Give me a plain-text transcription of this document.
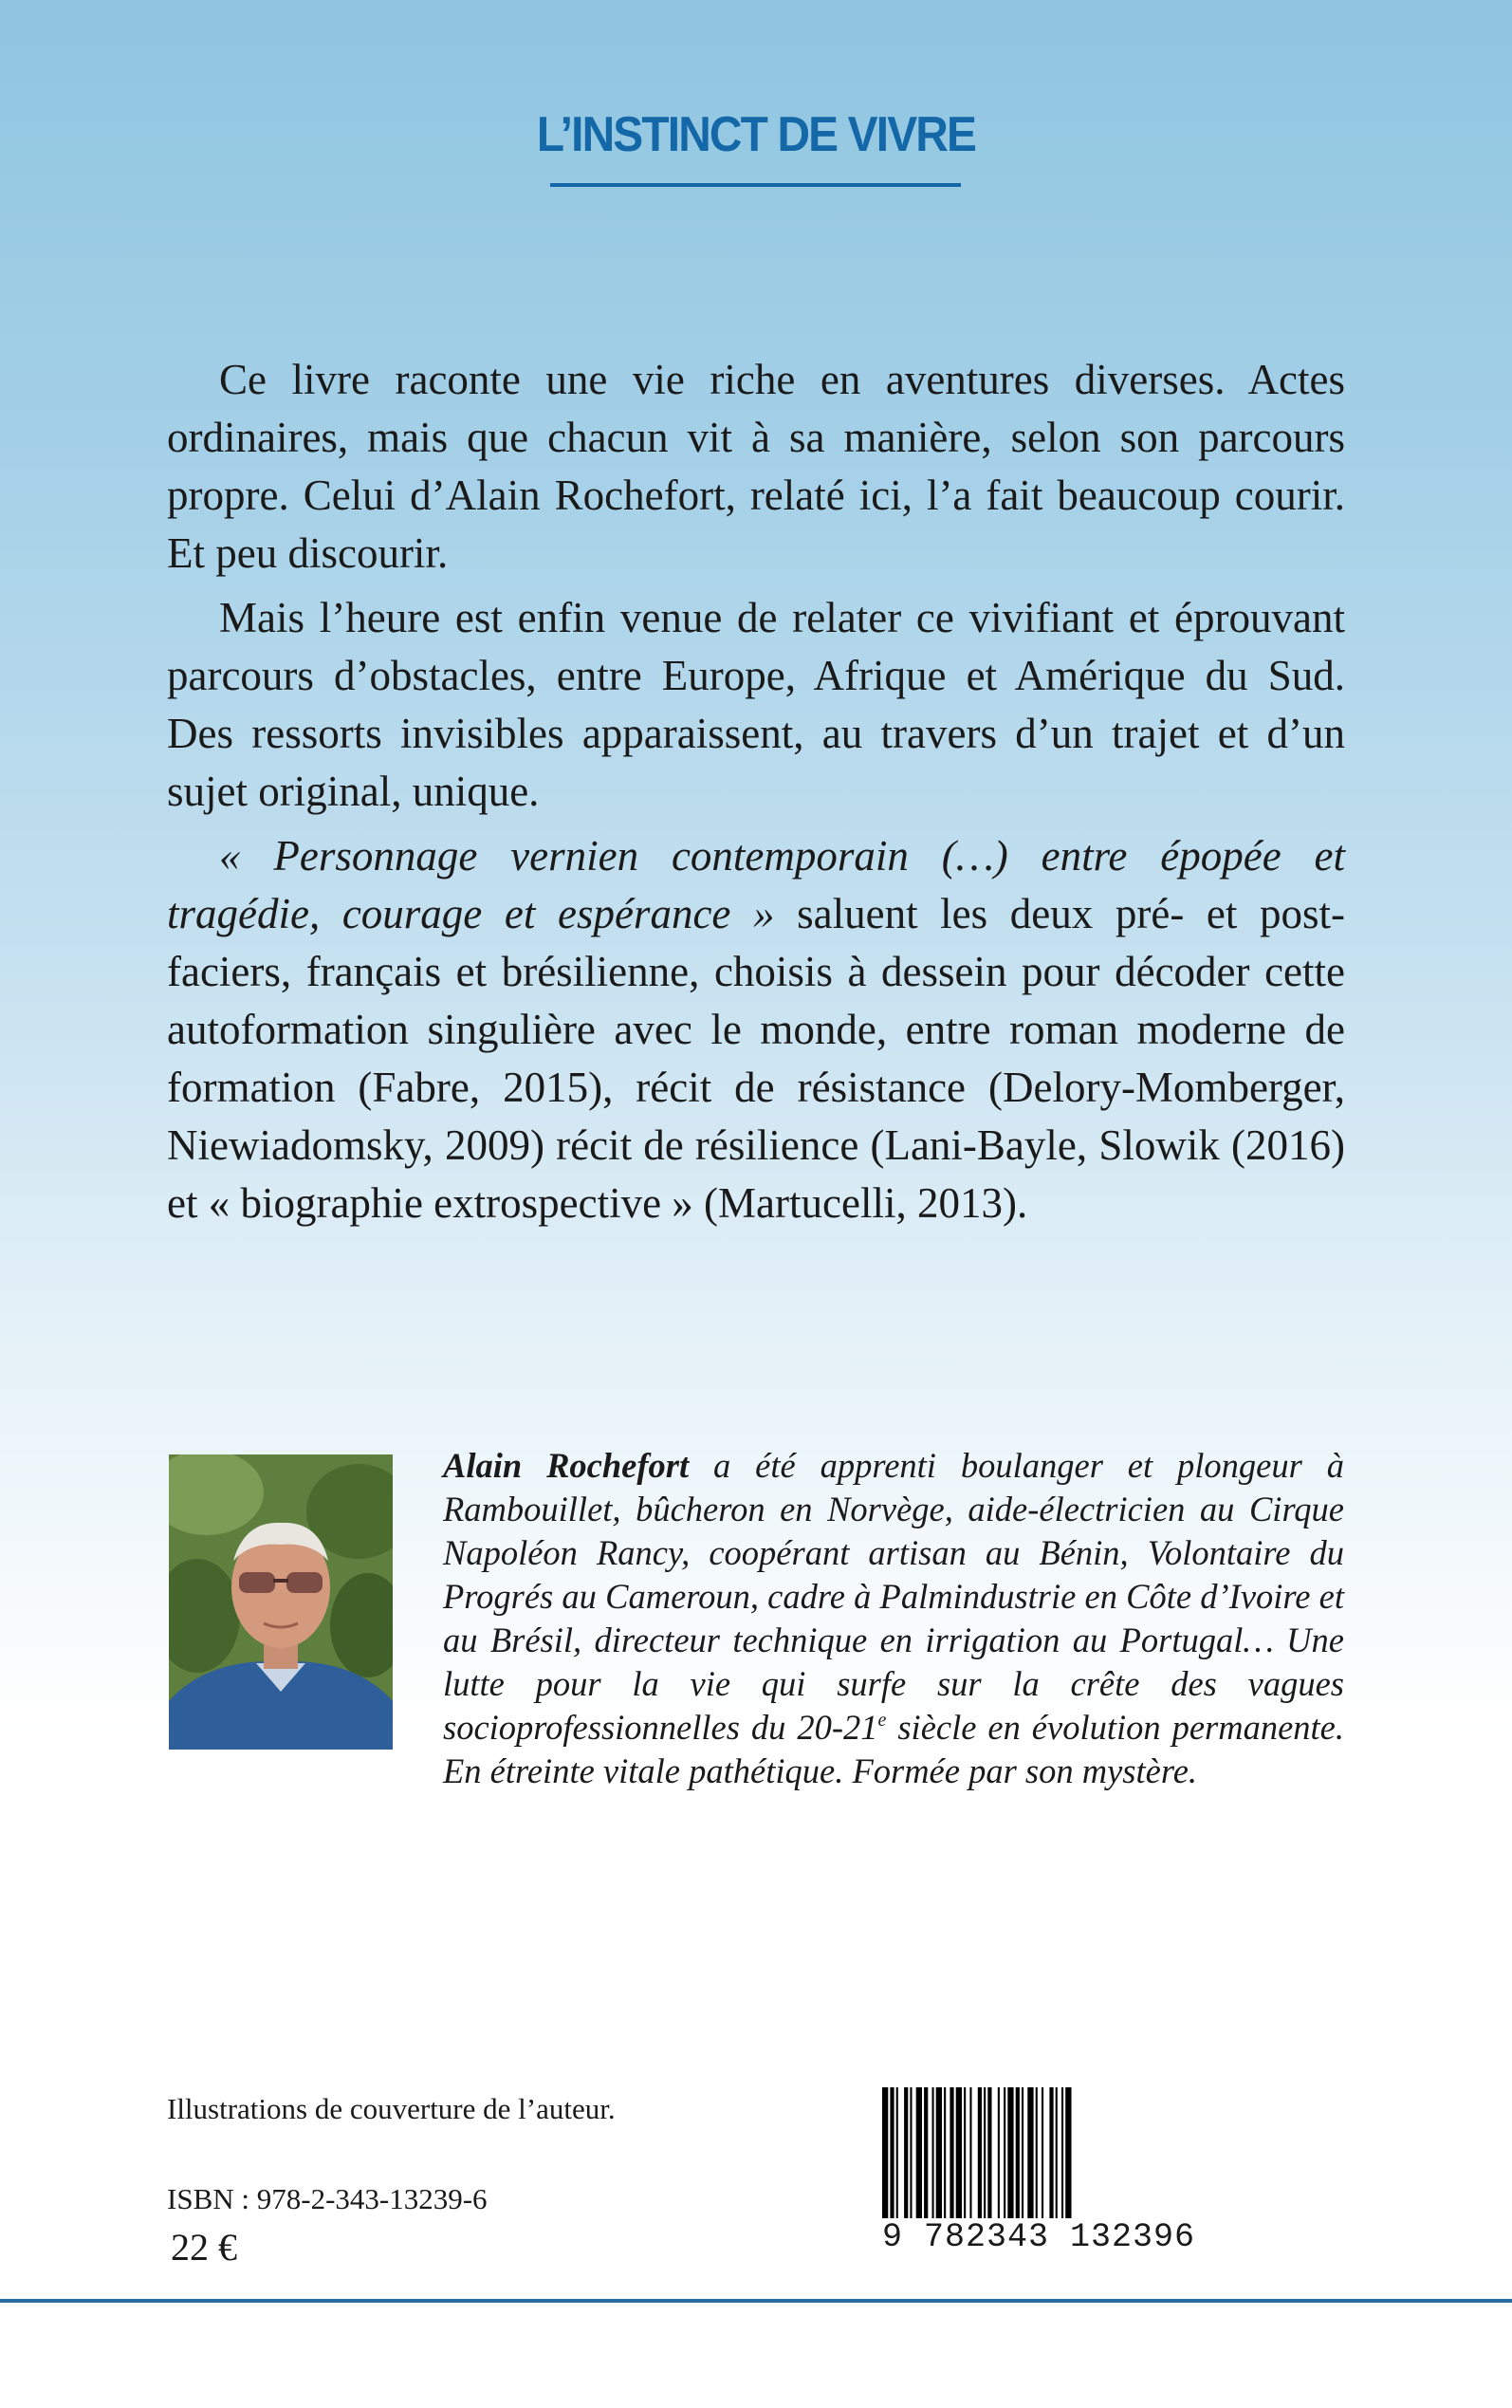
L’INSTINCT DE VIVRE

Ce livre raconte une vie riche en aventures diverses. Actes ordinaires, mais que chacun vit à sa manière, selon son parcours propre. Celui d’Alain Rochefort, relaté ici, l’a fait beaucoup courir. Et peu discourir.

Mais l’heure est enfin venue de relater ce vivifiant et éprouvant parcours d’obstacles, entre Europe, Afrique et Amérique du Sud. Des ressorts invisibles apparaissent, au travers d’un trajet et d’un sujet original, unique.

« Personnage vernien contemporain (…) entre épopée et tragédie, courage et espérance » saluent les deux pré- et post-faciers, français et brésilienne, choisis à dessein pour décoder cette autoformation singulière avec le monde, entre roman moderne de formation (Fabre, 2015), récit de résistance (Delory-Momberger, Niewiadomsky, 2009) récit de résilience (Lani-Bayle, Slowik (2016) et « biographie extrospective » (Martucelli, 2013).

Alain Rochefort a été apprenti boulanger et plongeur à Rambouillet, bûcheron en Norvège, aide-électricien au Cirque Napoléon Rancy, coopérant artisan au Bénin, Volontaire du Progrés au Cameroun, cadre à Palmindustrie en Côte d’Ivoire et au Brésil, directeur technique en irrigation au Portugal… Une lutte pour la vie qui surfe sur la crête des vagues socioprofessionnelles du 20-21e siècle en évolution permanente. En étreinte vitale pathétique. Formée par son mystère.
Illustrations de couverture de l’auteur.
ISBN : 978-2-343-13239-6
22 €	9 782343 132396
